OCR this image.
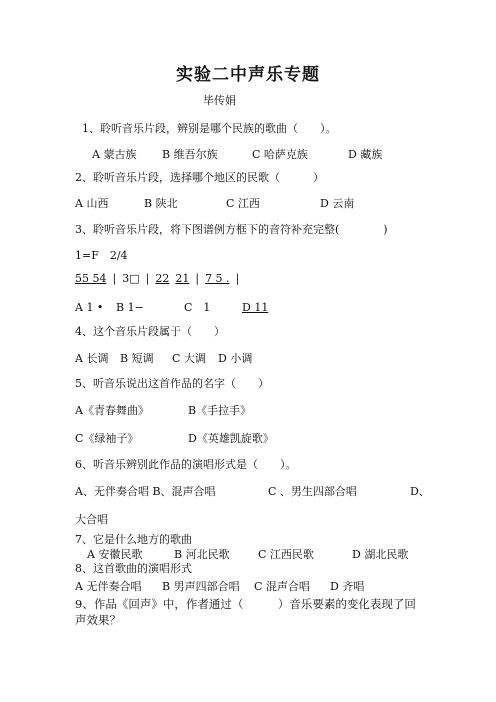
实验二中声乐专题
毕传娟
1、聆听音乐片段，辨别是哪个民族的歌曲（　　）。
A 蒙古族 B 维吾尔族	C 哈萨克族	D 藏族
2、聆听音乐片段，选择哪个地区的民歌（　　　）
A 山西	B 陕北	C 江西	D 云南
3、聆听音乐片段，将下图谱例方框下的音符补充完整(　　　　)
1=F　2/4
55 54 | 3□ | 22 21 | 7 5 . |
A 1 • B 1−	C　1	D 11
4、这个音乐片段属于（　　）
A 长调 B 短调 C 大调 D 小调
5、听音乐说出这首作品的名字（　　）
A《青春舞曲》	B《手拉手》
C《绿袖子》	D《英雄凯旋歌》
6、听音乐辨别此作品的演唱形式是（　　）。
A、无伴奏合唱 B、混声合唱	C 、男生四部合唱	D、
大合唱
7、它是什么地方的歌曲
A 安徽民歌	B 河北民歌	C 江西民歌	D 湖北民歌
8、这首歌曲的演唱形式
A 无伴奏合唱 B 男声四部合唱 C 混声合唱 D 齐唱
9、作品《回声》中，作者通过（　　　）音乐要素的变化表现了回
声效果？
